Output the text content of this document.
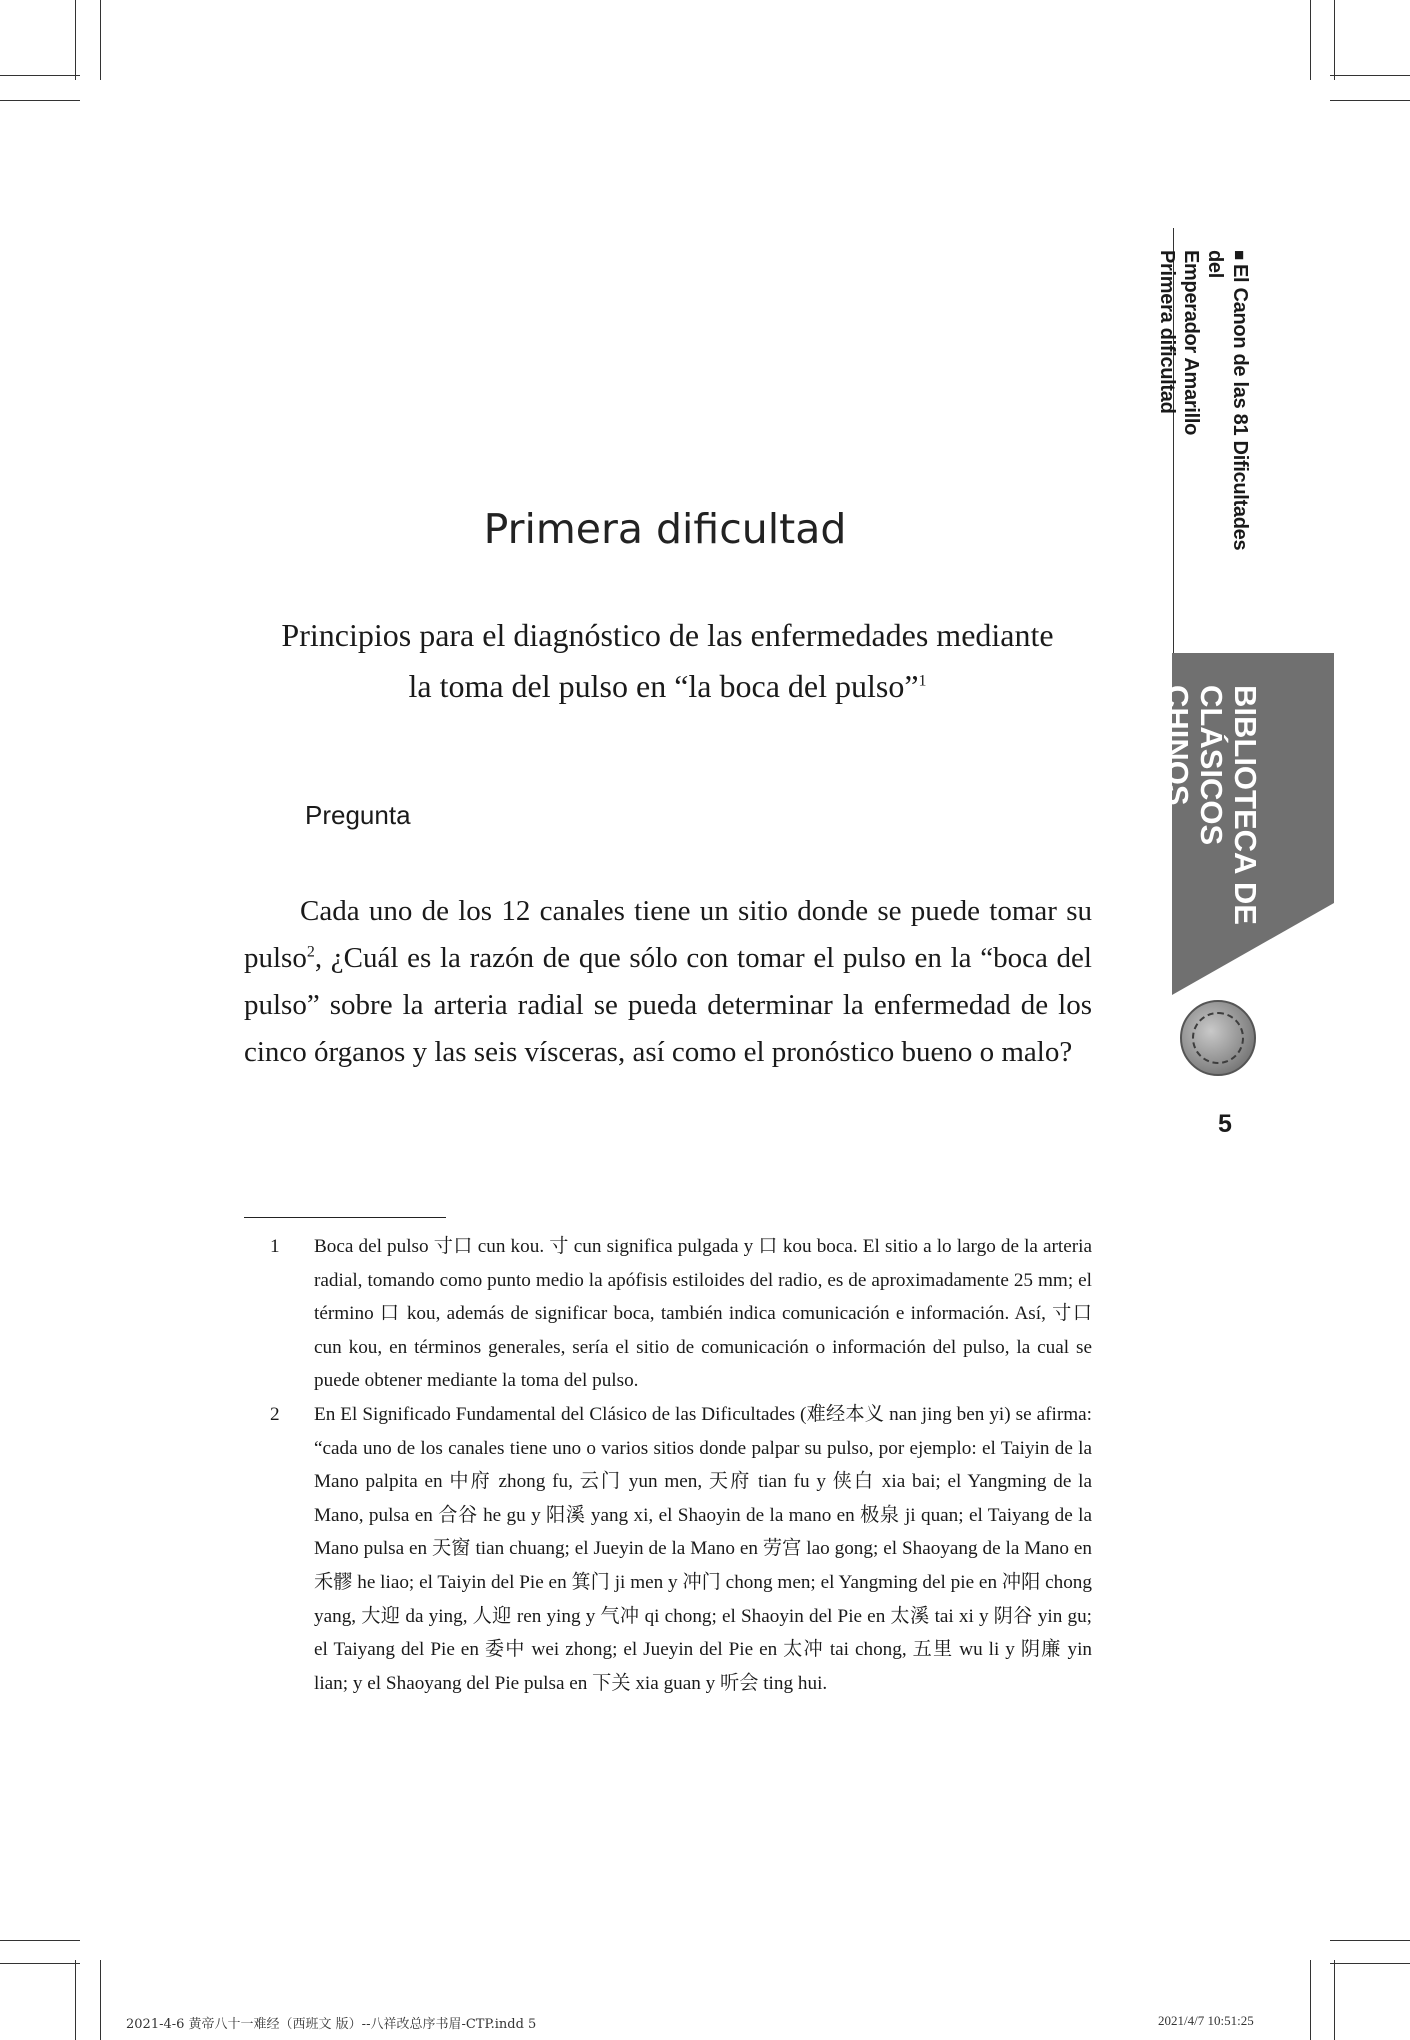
Primera dificultad
Principios para el diagnóstico de las enfermedades mediante
la toma del pulso en “la boca del pulso”$^1$
Pregunta
Cada uno de los 12 canales tiene un sitio donde se puede tomar su pulso$^2$, ¿Cuál es la razón de que sólo con tomar el pulso en la “boca del pulso” sobre la arteria radial se pueda determinar la enfermedad de los cinco órganos y las seis vísceras, así como el pronóstico bueno o malo?
1 Boca del pulso 寸口 cun kou. 寸 cun significa pulgada y 口 kou boca. El sitio a lo largo de la arteria radial, tomando como punto medio la apófisis estiloides del radio, es de aproximadamente 25 mm; el término 口 kou, además de significar boca, también indica comunicación e información. Así, 寸口 cun kou, en términos generales, sería el sitio de comunicación o información del pulso, la cual se puede obtener mediante la toma del pulso.
2 En El Significado Fundamental del Clásico de las Dificultades (难经本义 nan jing ben yi) se afirma: “cada uno de los canales tiene uno o varios sitios donde palpar su pulso, por ejemplo: el Taiyin de la Mano palpita en 中府 zhong fu, 云门 yun men, 天府 tian fu y 侠白 xia bai; el Yangming de la Mano, pulsa en 合谷 he gu y 阳溪 yang xi, el Shaoyin de la mano en 极泉 ji quan; el Taiyang de la Mano pulsa en 天窗 tian chuang; el Jueyin de la Mano en 劳宫 lao gong; el Shaoyang de la Mano en 禾髎 he liao; el Taiyin del Pie en 箕门 ji men y 冲门 chong men; el Yangming del pie en 冲阳 chong yang, 大迎 da ying, 人迎 ren ying y 气冲 qi chong; el Shaoyin del Pie en 太溪 tai xi y 阴谷 yin gu; el Taiyang del Pie en 委中 wei zhong; el Jueyin del Pie en 太冲 tai chong, 五里 wu li y 阴廉 yin lian; y el Shaoyang del Pie pulsa en 下关 xia guan y 听会 ting hui.
■El Canon de las 81 Dificultades del
Emperador Amarillo
Primera dificultad
BIBLIOTECA DE
CLÁSICOS CHINOS
5
2021-4-6 黄帝八十一难经（西班文 版）--八祥改总序书眉-CTP.indd 5	2021/4/7 10:51:25
